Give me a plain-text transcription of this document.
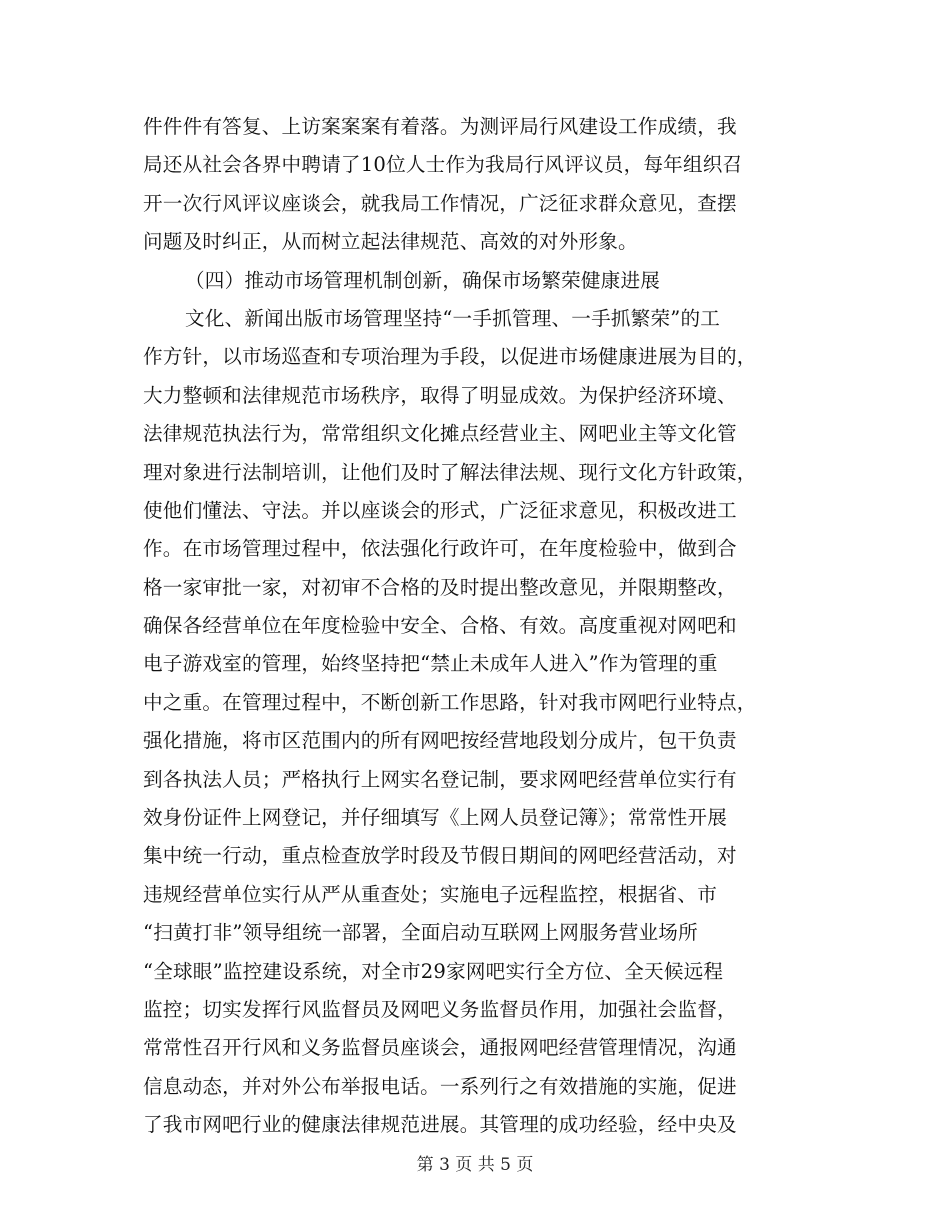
件件件有答复、上访案案案有着落。为测评局行风建设工作成绩，我
局还从社会各界中聘请了10位人士作为我局行风评议员，每年组织召
开一次行风评议座谈会，就我局工作情况，广泛征求群众意见，查摆
问题及时纠正，从而树立起法律规范、高效的对外形象。
（四）推动市场管理机制创新，确保市场繁荣健康进展
文化、新闻出版市场管理坚持“一手抓管理、一手抓繁荣”的工
作方针，以市场巡查和专项治理为手段，以促进市场健康进展为目的，
大力整顿和法律规范市场秩序，取得了明显成效。为保护经济环境、
法律规范执法行为，常常组织文化摊点经营业主、网吧业主等文化管
理对象进行法制培训，让他们及时了解法律法规、现行文化方针政策，
使他们懂法、守法。并以座谈会的形式，广泛征求意见，积极改进工
作。在市场管理过程中，依法强化行政许可，在年度检验中，做到合
格一家审批一家，对初审不合格的及时提出整改意见，并限期整改，
确保各经营单位在年度检验中安全、合格、有效。高度重视对网吧和
电子游戏室的管理，始终坚持把“禁止未成年人进入”作为管理的重
中之重。在管理过程中，不断创新工作思路，针对我市网吧行业特点，
强化措施，将市区范围内的所有网吧按经营地段划分成片，包干负责
到各执法人员；严格执行上网实名登记制，要求网吧经营单位实行有
效身份证件上网登记，并仔细填写《上网人员登记簿》；常常性开展
集中统一行动，重点检查放学时段及节假日期间的网吧经营活动，对
违规经营单位实行从严从重查处；实施电子远程监控，根据省、市
“扫黄打非”领导组统一部署，全面启动互联网上网服务营业场所
“全球眼”监控建设系统，对全市29家网吧实行全方位、全天候远程
监控；切实发挥行风监督员及网吧义务监督员作用，加强社会监督，
常常性召开行风和义务监督员座谈会，通报网吧经营管理情况，沟通
信息动态，并对外公布举报电话。一系列行之有效措施的实施，促进
了我市网吧行业的健康法律规范进展。其管理的成功经验，经中央及
第 3 页 共 5 页
